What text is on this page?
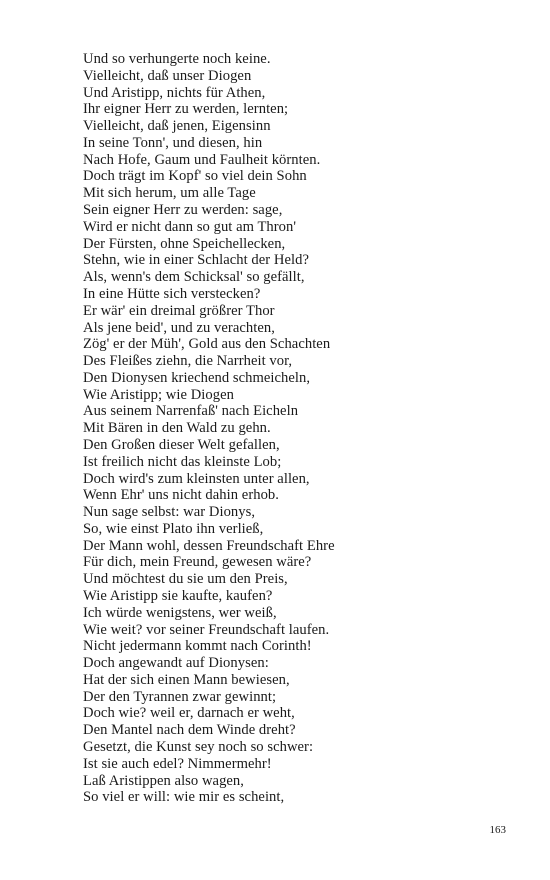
Und so verhungerte noch keine.
Vielleicht, daß unser Diogen
Und Aristipp, nichts für Athen,
Ihr eigner Herr zu werden, lernten;
Vielleicht, daß jenen, Eigensinn
In seine Tonn', und diesen, hin
Nach Hofe, Gaum und Faulheit körnten.
Doch trägt im Kopf' so viel dein Sohn
Mit sich herum, um alle Tage
Sein eigner Herr zu werden: sage,
Wird er nicht dann so gut am Thron'
Der Fürsten, ohne Speichellecken,
Stehn, wie in einer Schlacht der Held?
Als, wenn's dem Schicksal' so gefällt,
In eine Hütte sich verstecken?
Er wär' ein dreimal größrer Thor
Als jene beid', und zu verachten,
Zög' er der Müh', Gold aus den Schachten
Des Fleißes ziehn, die Narrheit vor,
Den Dionysen kriechend schmeicheln,
Wie Aristipp; wie Diogen
Aus seinem Narrenfaß' nach Eicheln
Mit Bären in den Wald zu gehn.
Den Großen dieser Welt gefallen,
Ist freilich nicht das kleinste Lob;
Doch wird's zum kleinsten unter allen,
Wenn Ehr' uns nicht dahin erhob.
Nun sage selbst: war Dionys,
So, wie einst Plato ihn verließ,
Der Mann wohl, dessen Freundschaft Ehre
Für dich, mein Freund, gewesen wäre?
Und möchtest du sie um den Preis,
Wie Aristipp sie kaufte, kaufen?
Ich würde wenigstens, wer weiß,
Wie weit? vor seiner Freundschaft laufen.
Nicht jedermann kommt nach Corinth!
Doch angewandt auf Dionysen:
Hat der sich einen Mann bewiesen,
Der den Tyrannen zwar gewinnt;
Doch wie? weil er, darnach er weht,
Den Mantel nach dem Winde dreht?
Gesetzt, die Kunst sey noch so schwer:
Ist sie auch edel? Nimmermehr!
Laß Aristippen also wagen,
So viel er will: wie mir es scheint,
163
